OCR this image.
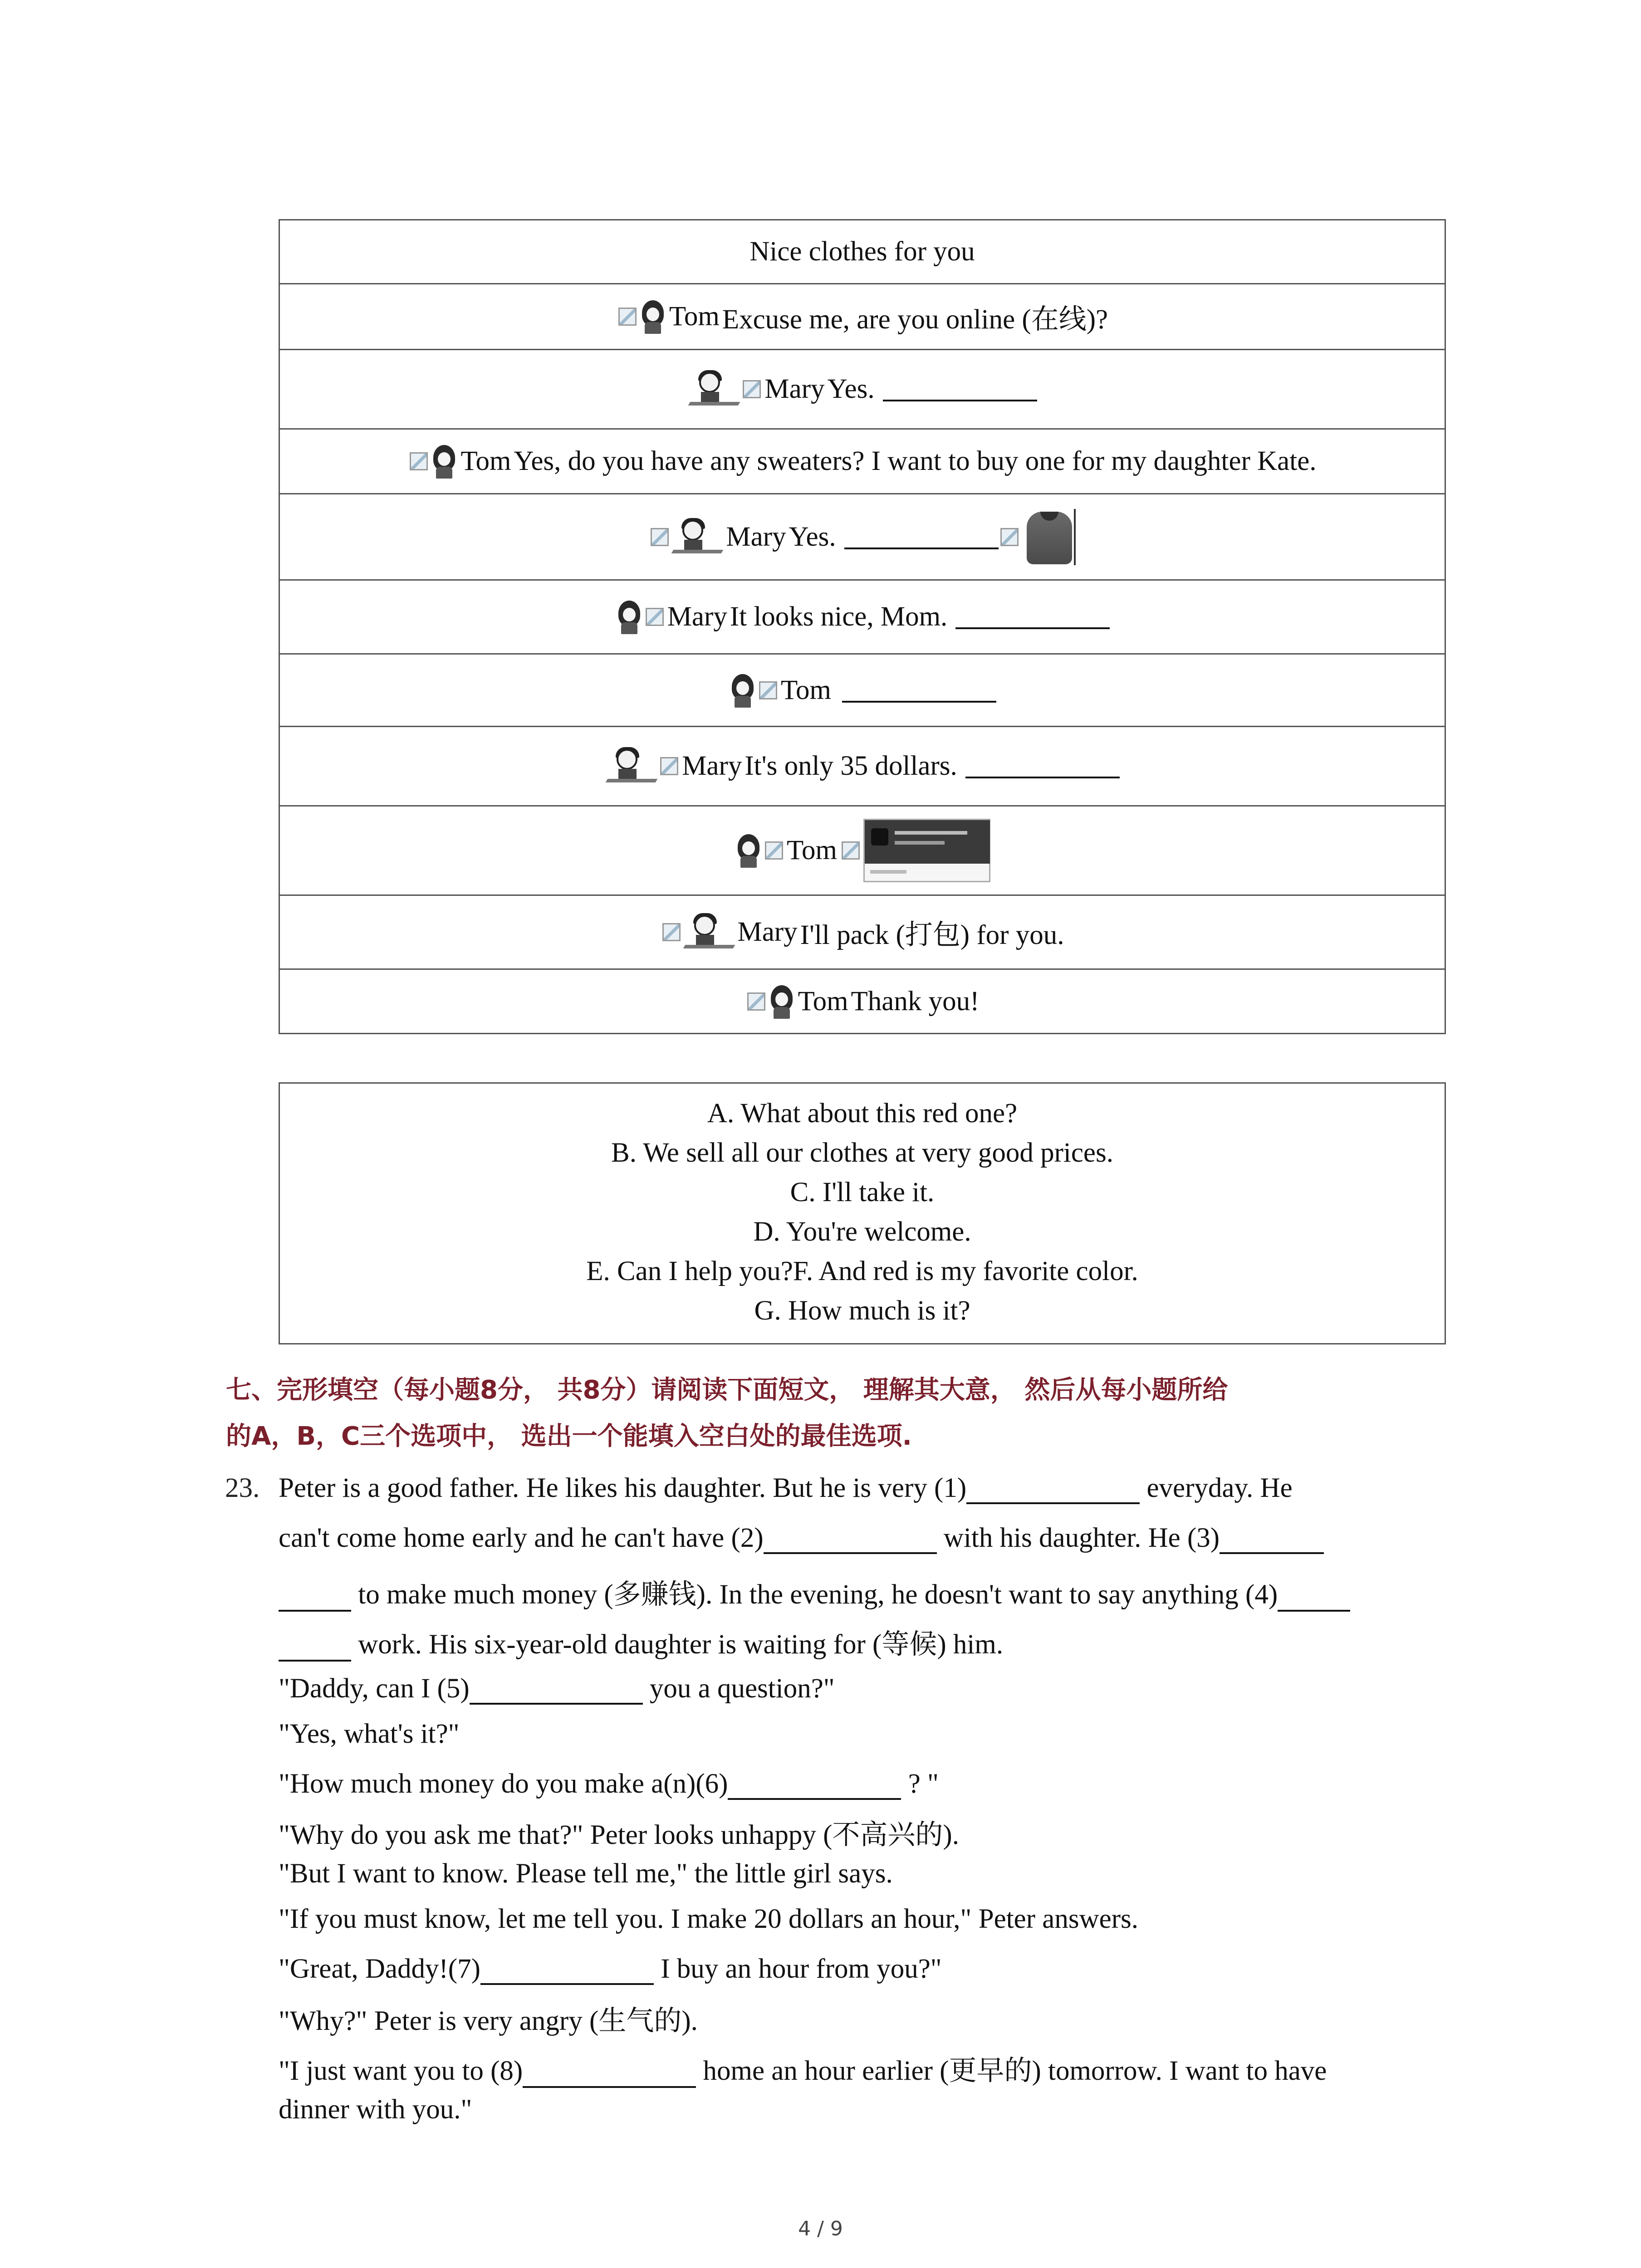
Nice clothes for you
Tom Excuse me, are you online (在线)?
Mary Yes.
Tom Yes, do you have any sweaters? I want to buy one for my daughter Kate.
Mary Yes.
Mary It looks nice, Mom.
Tom
Mary It's only 35 dollars.
Tom
Mary I'll pack (打包) for you.
Tom Thank you!
A. What about this red one?
B. We sell all our clothes at very good prices.
C. I'll take it.
D. You're welcome.
E. Can I help you?F. And red is my favorite color.
G. How much is it?
七、完形填空（每小题8分， 共8分）请阅读下面短文， 理解其大意， 然后从每小题所给
的A，B，C三个选项中， 选出一个能填入空白处的最佳选项.
23. Peter is a good father. He likes his daughter. But he is very (1)	everyday. He
can't come home early and he can't have (2)	with his daughter. He (3)
to make much money (多赚钱). In the evening, he doesn't want to say anything (4)
work. His six-year-old daughter is waiting for (等候) him.
"Daddy, can I (5)	you a question?"
"Yes, what's it?"
"How much money do you make a(n)(6)	? "
"Why do you ask me that?" Peter looks unhappy (不高兴的).
"But I want to know. Please tell me," the little girl says.
"If you must know, let me tell you. I make 20 dollars an hour," Peter answers.
"Great, Daddy!(7)	I buy an hour from you?"
"Why?" Peter is very angry (生气的).
"I just want you to (8)	home an hour earlier (更早的) tomorrow. I want to have
dinner with you."
4 / 9
